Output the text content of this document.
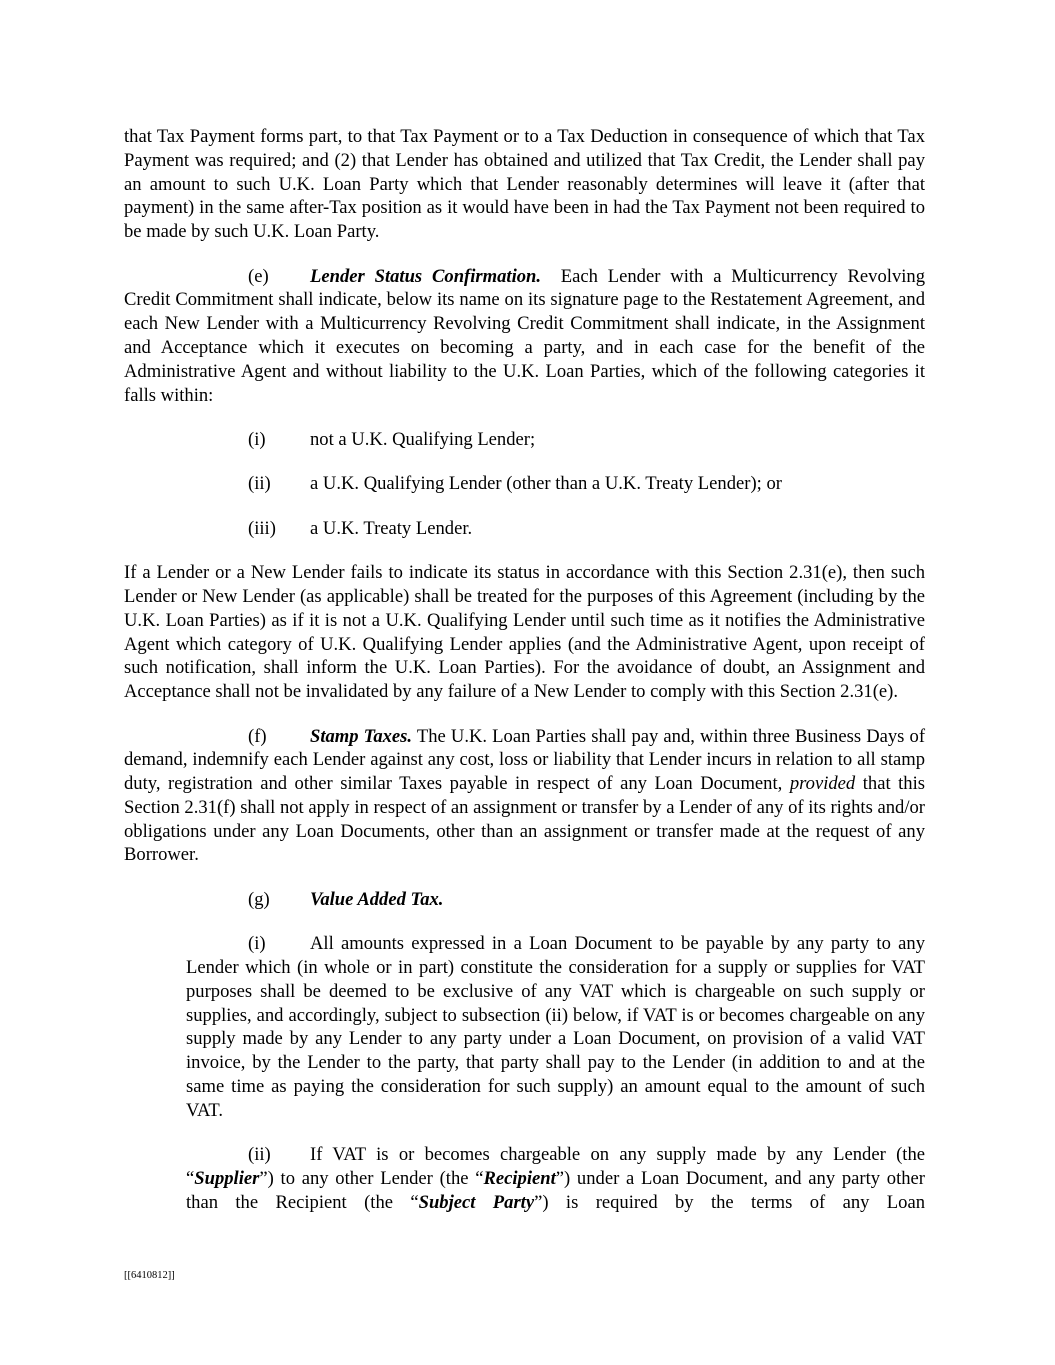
that Tax Payment forms part, to that Tax Payment or to a Tax Deduction in consequence of which that Tax Payment was required; and (2) that Lender has obtained and utilized that Tax Credit, the Lender shall pay an amount to such U.K. Loan Party which that Lender reasonably determines will leave it (after that payment) in the same after-Tax position as it would have been in had the Tax Payment not been required to be made by such U.K. Loan Party.

(e) Lender Status Confirmation. Each Lender with a Multicurrency Revolving Credit Commitment shall indicate, below its name on its signature page to the Restatement Agreement, and each New Lender with a Multicurrency Revolving Credit Commitment shall indicate, in the Assignment and Acceptance which it executes on becoming a party, and in each case for the benefit of the Administrative Agent and without liability to the U.K. Loan Parties, which of the following categories it falls within:

(i) not a U.K. Qualifying Lender;

(ii) a U.K. Qualifying Lender (other than a U.K. Treaty Lender); or

(iii) a U.K. Treaty Lender.

If a Lender or a New Lender fails to indicate its status in accordance with this Section 2.31(e), then such Lender or New Lender (as applicable) shall be treated for the purposes of this Agreement (including by the U.K. Loan Parties) as if it is not a U.K. Qualifying Lender until such time as it notifies the Administrative Agent which category of U.K. Qualifying Lender applies (and the Administrative Agent, upon receipt of such notification, shall inform the U.K. Loan Parties). For the avoidance of doubt, an Assignment and Acceptance shall not be invalidated by any failure of a New Lender to comply with this Section 2.31(e).

(f) Stamp Taxes. The U.K. Loan Parties shall pay and, within three Business Days of demand, indemnify each Lender against any cost, loss or liability that Lender incurs in relation to all stamp duty, registration and other similar Taxes payable in respect of any Loan Document, provided that this Section 2.31(f) shall not apply in respect of an assignment or transfer by a Lender of any of its rights and/or obligations under any Loan Documents, other than an assignment or transfer made at the request of any Borrower.

(g) Value Added Tax.

(i) All amounts expressed in a Loan Document to be payable by any party to any Lender which (in whole or in part) constitute the consideration for a supply or supplies for VAT purposes shall be deemed to be exclusive of any VAT which is chargeable on such supply or supplies, and accordingly, subject to subsection (ii) below, if VAT is or becomes chargeable on any supply made by any Lender to any party under a Loan Document, on provision of a valid VAT invoice, by the Lender to the party, that party shall pay to the Lender (in addition to and at the same time as paying the consideration for such supply) an amount equal to the amount of such VAT.

(ii) If VAT is or becomes chargeable on any supply made by any Lender (the “Supplier”) to any other Lender (the “Recipient”) under a Loan Document, and any party other than the Recipient (the “Subject Party”) is required by the terms of any Loan

[[6410812]]
